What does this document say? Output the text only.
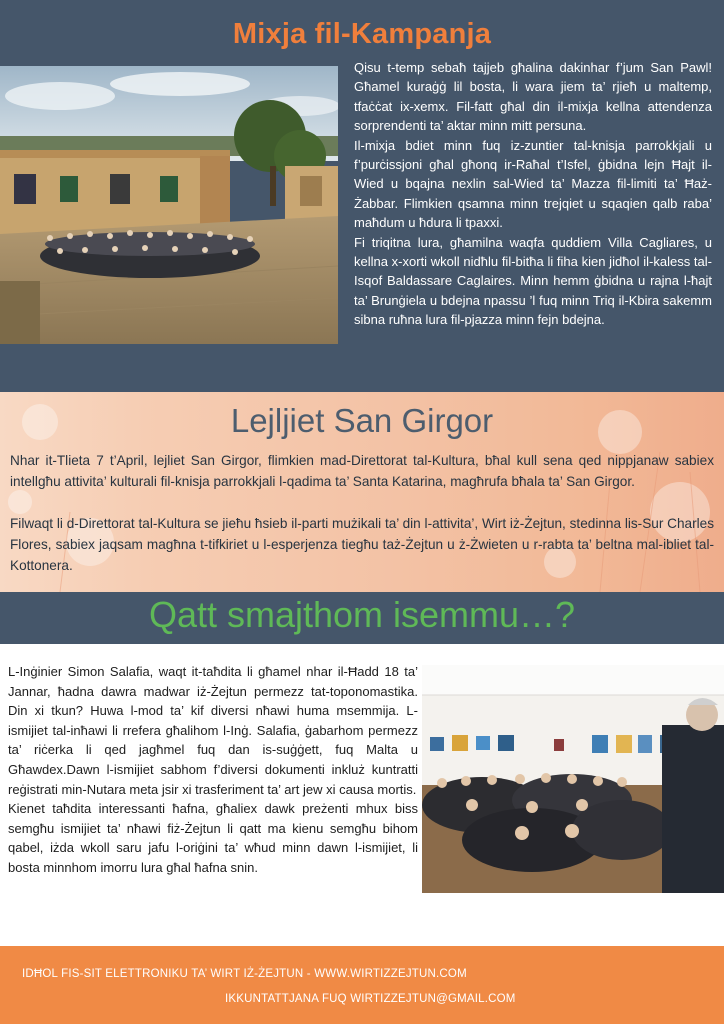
Mixja fil-Kampanja

Qisu t-temp sebaħ tajjeb għalina dakinhar f’jum San Pawl! Għamel kuraġġ lil bosta, li wara jiem ta’ rjieħ u maltemp, tfaċċat ix-xemx. Fil-fatt għal din il-mixja kellna attendenza sorprendenti ta’ aktar minn mitt persuna.

Il-mixja bdiet minn fuq iz-zuntier tal-knisja parrokkjali u f’purċissjoni għal għonq ir-Raħal t’Isfel, ġbidna lejn Ħajt il-Wied u bqajna nexlin sal-Wied ta’ Mazza fil-limiti ta’ Ħaż-Żabbar. Flimkien qsamna minn trejqiet u sqaqien qalb raba’ maħdum u ħdura li tpaxxi.

Fi triqitna lura, għamilna waqfa quddiem Villa Cagliares, u kellna x-xorti wkoll nidħlu fil-bitħa li fiha kien jidħol il-kaless tal-Isqof Baldassare Caglaires. Minn hemm ġbidna u rajna l-ħajt ta’ Brunġiela u bdejna npassu ’l fuq minn Triq il-Kbira sakemm sibna ruħna lura fil-pjazza minn fejn bdejna.

Lejljiet San Girgor

Nhar it-Tlieta 7 t’April, lejliet San Girgor, flimkien mad-Direttorat tal-Kultura, bħal kull sena qed nippjanaw sabiex intellgħu attivita’ kulturali fil-knisja parrokkjali l-qadima ta’ Santa Katarina, magħrufa bħala ta’ San Girgor.

Filwaqt li d-Direttorat tal-Kultura se jieħu ħsieb il-parti mużikali ta’ din l-attivita’, Wirt iż-Żejtun, stedinna lis-Sur Charles Flores, sabiex jaqsam magħna t-tifkiriet u l-esperjenza tiegħu taż-Żejtun u ż-Żwieten u r-rabta ta’ beltna mal-ibliet tal-Kottonera.

Qatt smajthom isemmu…?

L-Inġinier Simon Salafia, waqt it-taħdita li għamel nhar il-Ħadd 18 ta’ Jannar, ħadna dawra madwar iż-Żejtun permezz tat-toponomastika. Din xi tkun? Huwa l-mod ta’ kif diversi nħawi huma msemmija. L-ismijiet tal-inħawi li rrefera għalihom l-Inġ. Salafia, ġabarhom permezz ta’ riċerka li qed jagħmel fuq dan is-suġġett, fuq Malta u Għawdex.Dawn l-ismijiet sabhom f’diversi dokumenti inkluż kuntratti reġistrati min-Nutara meta jsir xi trasferiment ta’ art jew xi causa mortis.

Kienet taħdita interessanti ħafna, għaliex dawk preżenti mhux biss semgħu ismijiet ta’ nħawi fiż-Żejtun li qatt ma kienu semgħu bihom qabel, iżda wkoll saru jafu l-oriġini ta’ wħud minn dawn l-ismijiet, li bosta minnhom imorru lura għal ħafna snin.

IDĦOL FIS-SIT ELETTRONIKU TA’ WIRT IŻ-ŻEJTUN - WWW.WIRTIZZEJTUN.COM
IKKUNTATTJANA FUQ WIRTIZZEJTUN@GMAIL.COM
